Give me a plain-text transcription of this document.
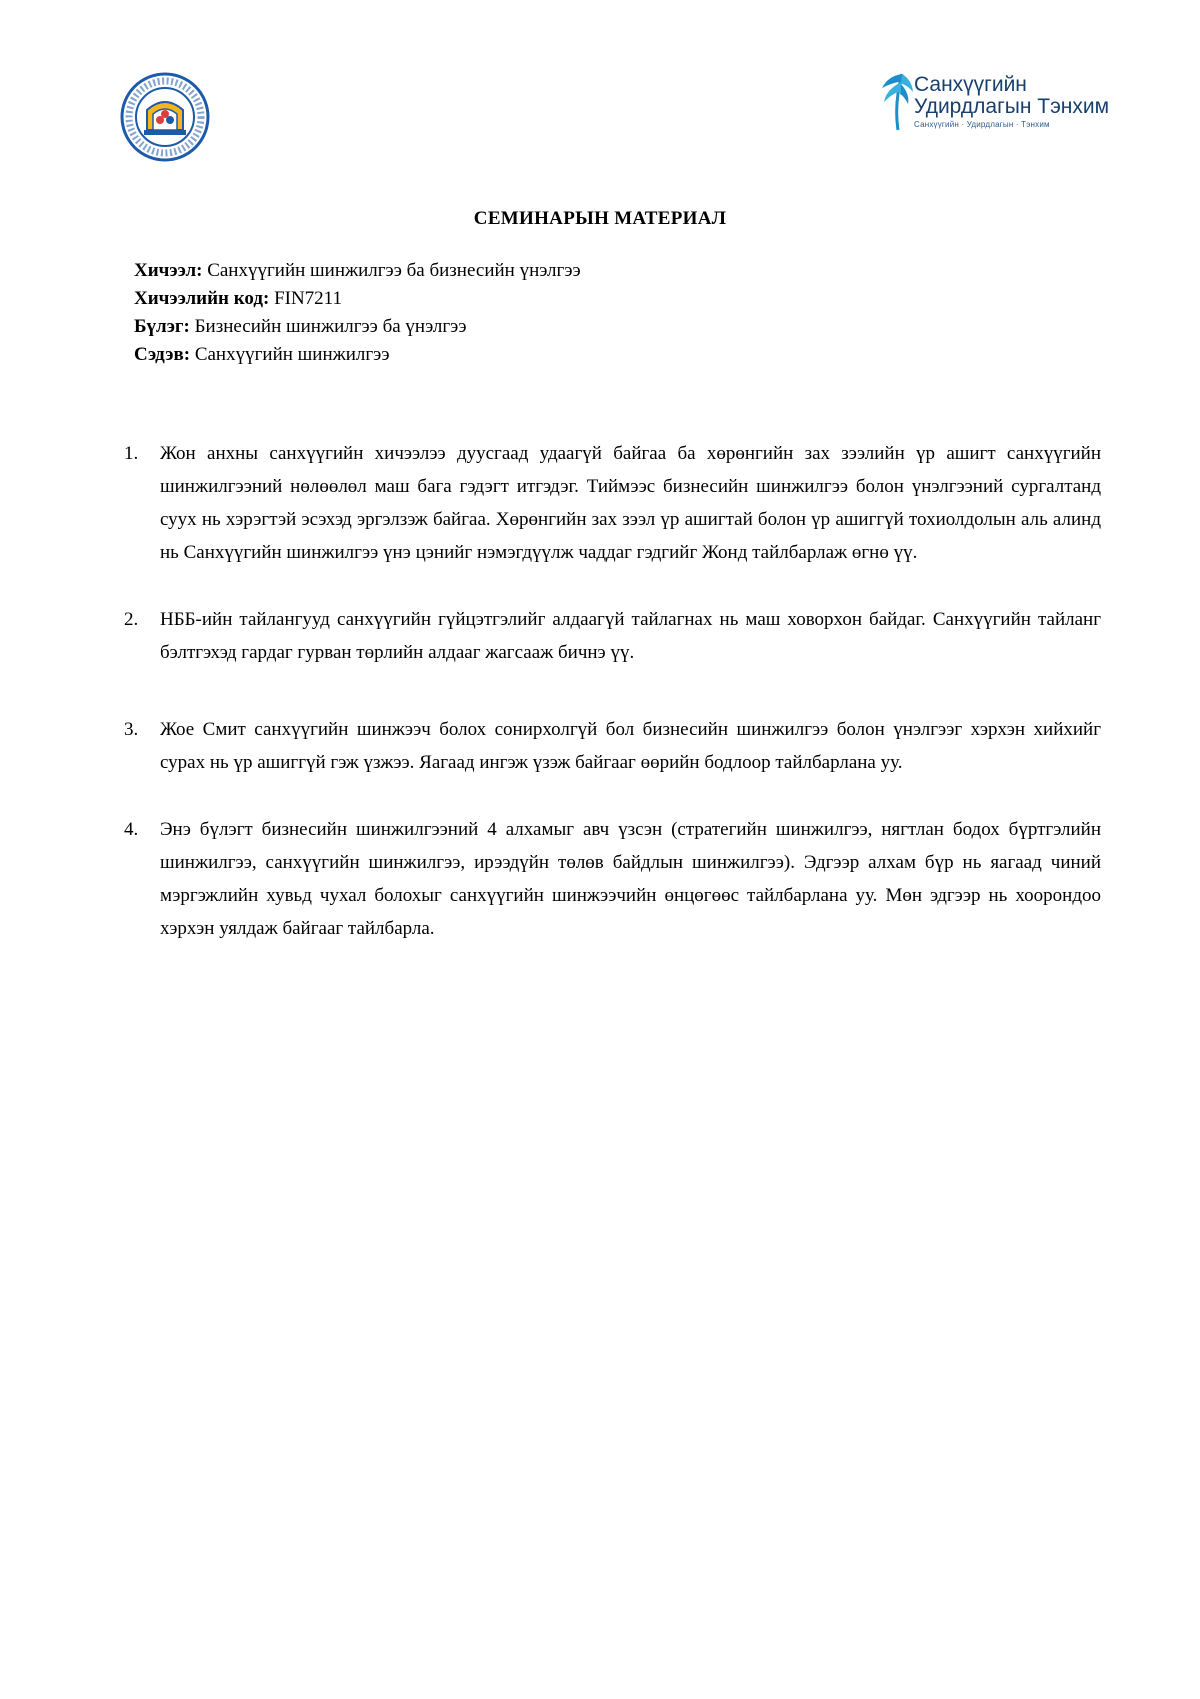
Санхүүгийн
Удирдлагын Тэнхим
Санхүүгийн · Удирдлагын · Тэнхим
СЕМИНАРЫН МАТЕРИАЛ
Хичээл: Санхүүгийн шинжилгээ ба бизнесийн үнэлгээ
Хичээлийн код: FIN7211
Бүлэг: Бизнесийн шинжилгээ ба үнэлгээ
Сэдэв: Санхүүгийн шинжилгээ
1. Жон анхны санхүүгийн хичээлээ дуусгаад удаагүй байгаа ба хөрөнгийн зах зээлийн үр ашигт санхүүгийн шинжилгээний нөлөөлөл маш бага гэдэгт итгэдэг. Тиймээс бизнесийн шинжилгээ болон үнэлгээний сургалтанд суух нь хэрэгтэй эсэхэд эргэлзэж байгаа. Хөрөнгийн зах зээл үр ашигтай болон үр ашиггүй тохиолдолын аль алинд нь Санхүүгийн шинжилгээ үнэ цэнийг нэмэгдүүлж чаддаг гэдгийг Жонд тайлбарлаж өгнө үү.
2. НББ-ийн тайлангууд санхүүгийн гүйцэтгэлийг алдаагүй тайлагнах нь маш ховорхон байдаг. Санхүүгийн тайланг бэлтгэхэд гардаг гурван төрлийн алдааг жагсааж бичнэ үү.
3. Жое Смит санхүүгийн шинжээч болох сонирхолгүй бол бизнесийн шинжилгээ болон үнэлгээг хэрхэн хийхийг сурах нь үр ашиггүй гэж үзжээ. Яагаад ингэж үзэж байгааг өөрийн бодлоор тайлбарлана уу.
4. Энэ бүлэгт бизнесийн шинжилгээний 4 алхамыг авч үзсэн (стратегийн шинжилгээ, нягтлан бодох бүртгэлийн шинжилгээ, санхүүгийн шинжилгээ, ирээдүйн төлөв байдлын шинжилгээ). Эдгээр алхам бүр нь яагаад чиний мэргэжлийн хувьд чухал болохыг санхүүгийн шинжээчийн өнцөгөөс тайлбарлана уу. Мөн эдгээр нь хоорондоо хэрхэн уялдаж байгааг тайлбарла.
